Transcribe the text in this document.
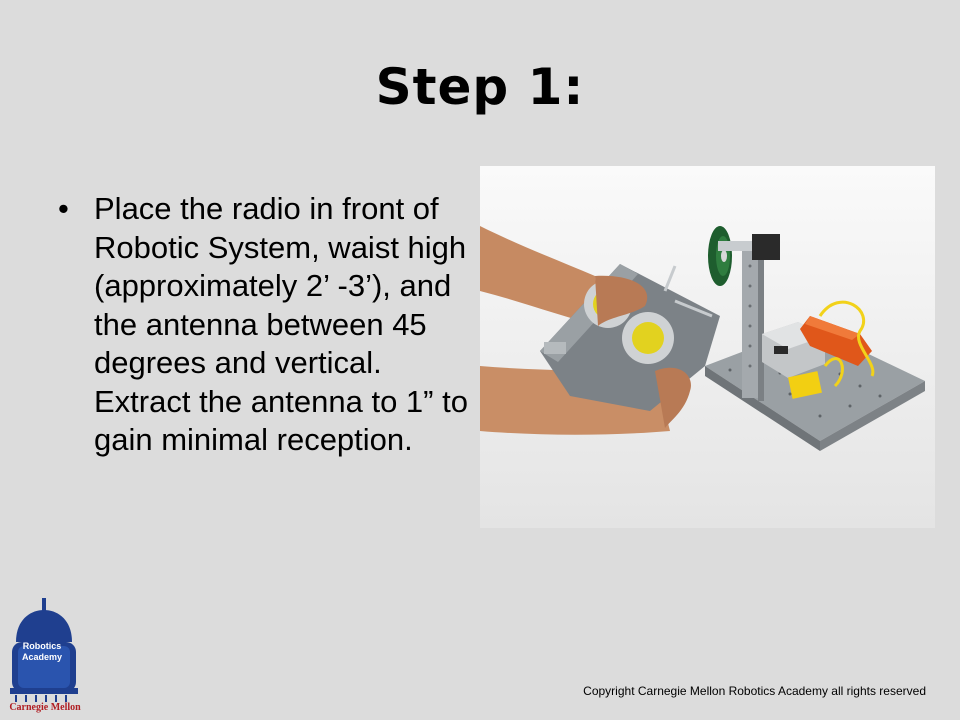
Step 1:
• Place the radio in front of Robotic System, waist high (approximately 2’ -3’), and the antenna between 45 degrees and vertical. Extract the antenna to 1” to gain minimal reception.
Robotics
Academy
Carnegie Mellon
Copyright Carnegie Mellon Robotics Academy all rights reserved
